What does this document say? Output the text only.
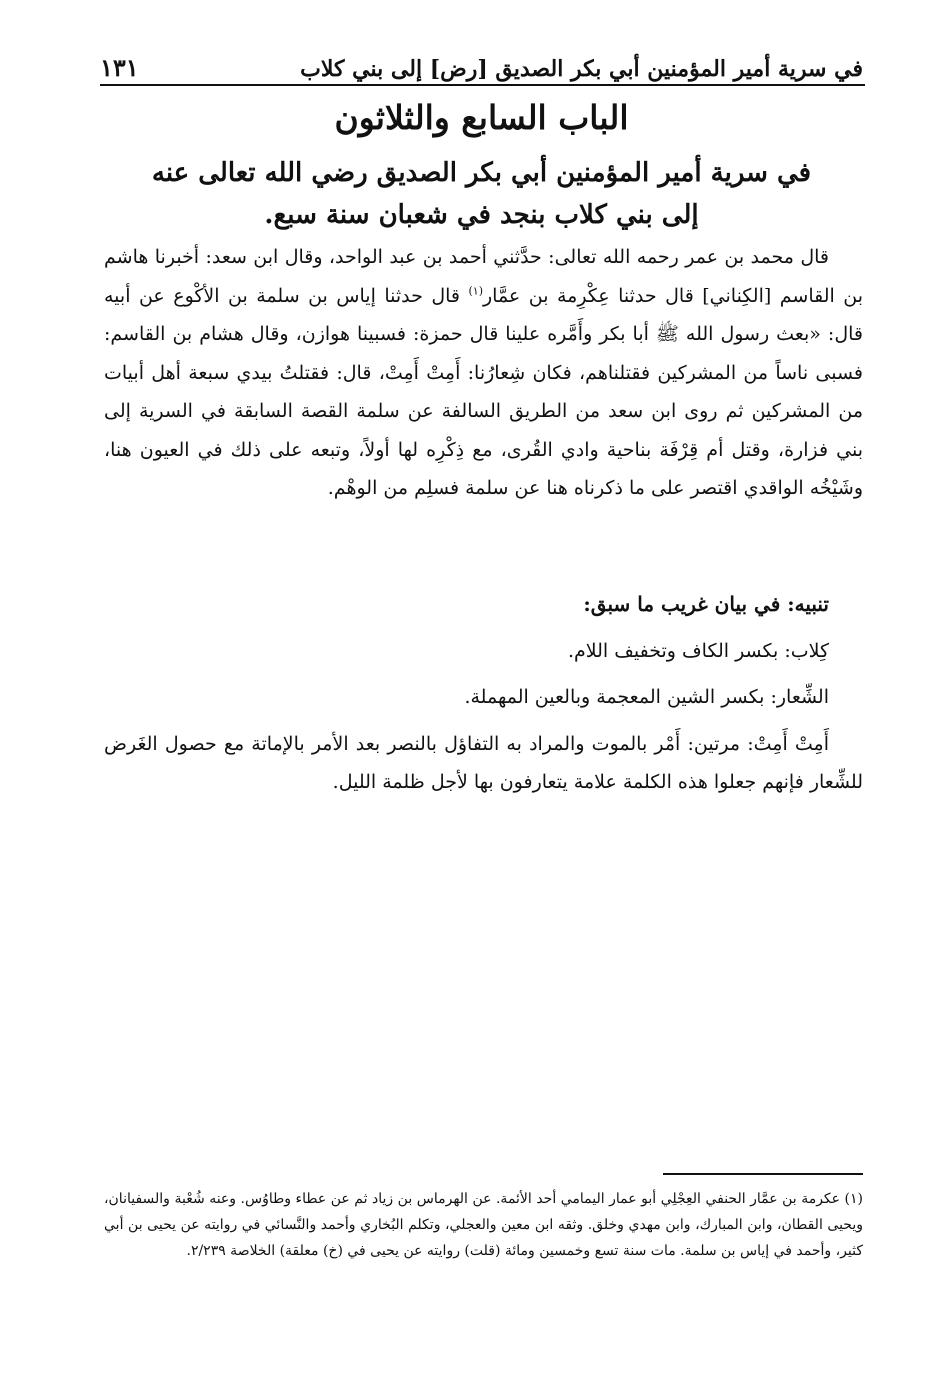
في سرية أمير المؤمنين أبي بكر الصديق [رض] إلى بني كلاب
١٣١
الباب السابع والثلاثون
في سرية أمير المؤمنين أبي بكر الصديق رضي الله تعالى عنه
إلى بني كلاب بنجد في شعبان سنة سبع.

قال محمد بن عمر رحمه الله تعالى: حدَّثني أحمد بن عبد الواحد، وقال ابن سعد: أخبرنا هاشم بن القاسم [الكِناني] قال حدثنا عِكْرِمة بن عمَّار$^{(١)}$ قال حدثنا إياس بن سلمة بن الأكْوع عن أبيه قال: «بعث رسول الله ﷺ أبا بكر وأَمَّره علينا قال حمزة: فسبينا هوازن، وقال هشام بن القاسم: فسبى ناساً من المشركين فقتلناهم، فكان شِعارُنا: أَمِتْ أَمِتْ، قال: فقتلتُ بيدي سبعة أهل أبيات من المشركين ثم روى ابن سعد من الطريق السالفة عن سلمة القصة السابقة في السرية إلى بني فزارة، وقتل أم قِرْفَة بناحية وادي القُرى، مع ذِكْرِه لها أولاً، وتبعه على ذلك في العيون هنا، وشَيْخُه الواقدي اقتصر على ما ذكرناه هنا عن سلمة فسلِم من الوهْم.

تنبيه: في بيان غريب ما سبق:
كِلاب: بكسر الكاف وتخفيف اللام.
الشِّعار: بكسر الشين المعجمة وبالعين المهملة.
أَمِتْ أَمِتْ: مرتين: أَمْر بالموت والمراد به التفاؤل بالنصر بعد الأمر بالإماتة مع حصول الغَرض للشِّعار فإنهم جعلوا هذه الكلمة علامة يتعارفون بها لأجل ظلمة الليل.
(١) عكرمة بن عمَّار الحنفي العِجْلِي أبو عمار اليمامي أحد الأئمة. عن الهرماس بن زياد ثم عن عطاء وطاوُس. وعنه شُعْبة والسفيانان، ويحيى القطان، وابن المبارك، وابن مهدي وخلق. وثقه ابن معين والعجلي، وتكلم البُخاري وأحمد والنَّسائي في روايته عن يحيى بن أبي كثير، وأحمد في إياس بن سلمة. مات سنة تسع وخمسين ومائة (قلت) روايته عن يحيى في (خ) معلقة) الخلاصة ٢/٢٣٩.
